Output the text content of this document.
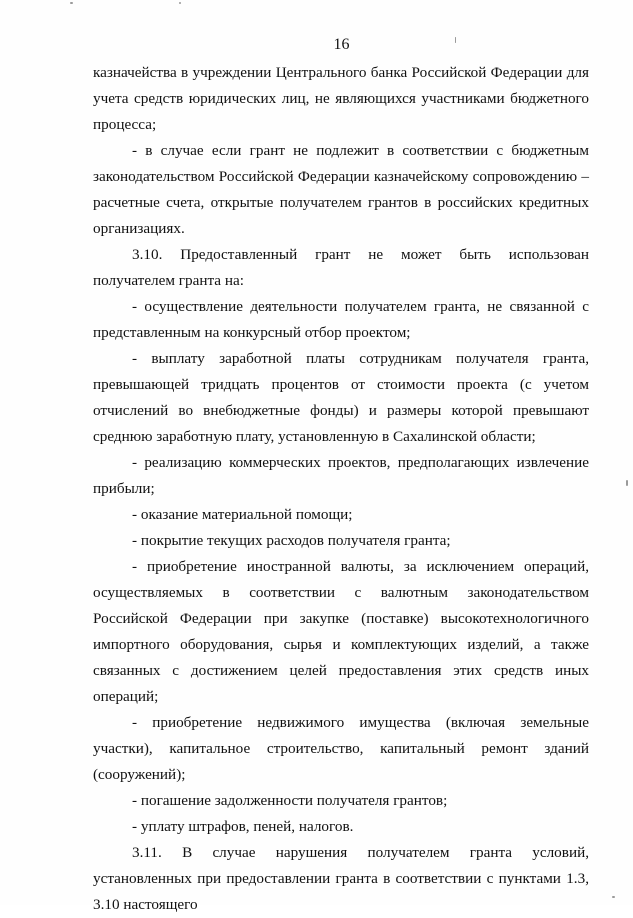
16

казначейства в учреждении Центрального банка Российской Федерации для учета средств юридических лиц, не являющихся участниками бюджетного процесса;

- в случае если грант не подлежит в соответствии с бюджетным законодательством Российской Федерации казначейскому сопровождению – расчетные счета, открытые получателем грантов в российских кредитных организациях.

3.10. Предоставленный грант не может быть использован получателем гранта на:

- осуществление деятельности получателем гранта, не связанной с представленным на конкурсный отбор проектом;

- выплату заработной платы сотрудникам получателя гранта, превышающей тридцать процентов от стоимости проекта (с учетом отчислений во внебюджетные фонды) и размеры которой превышают среднюю заработную плату, установленную в Сахалинской области;

- реализацию коммерческих проектов, предполагающих извлечение прибыли;

- оказание материальной помощи;

- покрытие текущих расходов получателя гранта;

- приобретение иностранной валюты, за исключением операций, осуществляемых в соответствии с валютным законодательством Российской Федерации при закупке (поставке) высокотехнологичного импортного оборудования, сырья и комплектующих изделий, а также связанных с достижением целей предоставления этих средств иных операций;

- приобретение недвижимого имущества (включая земельные участки), капитальное строительство, капитальный ремонт зданий (сооружений);

- погашение задолженности получателя грантов;

- уплату штрафов, пеней, налогов.

3.11. В случае нарушения получателем гранта условий, установленных при предоставлении гранта в соответствии с пунктами 1.3, 3.10 настоящего
